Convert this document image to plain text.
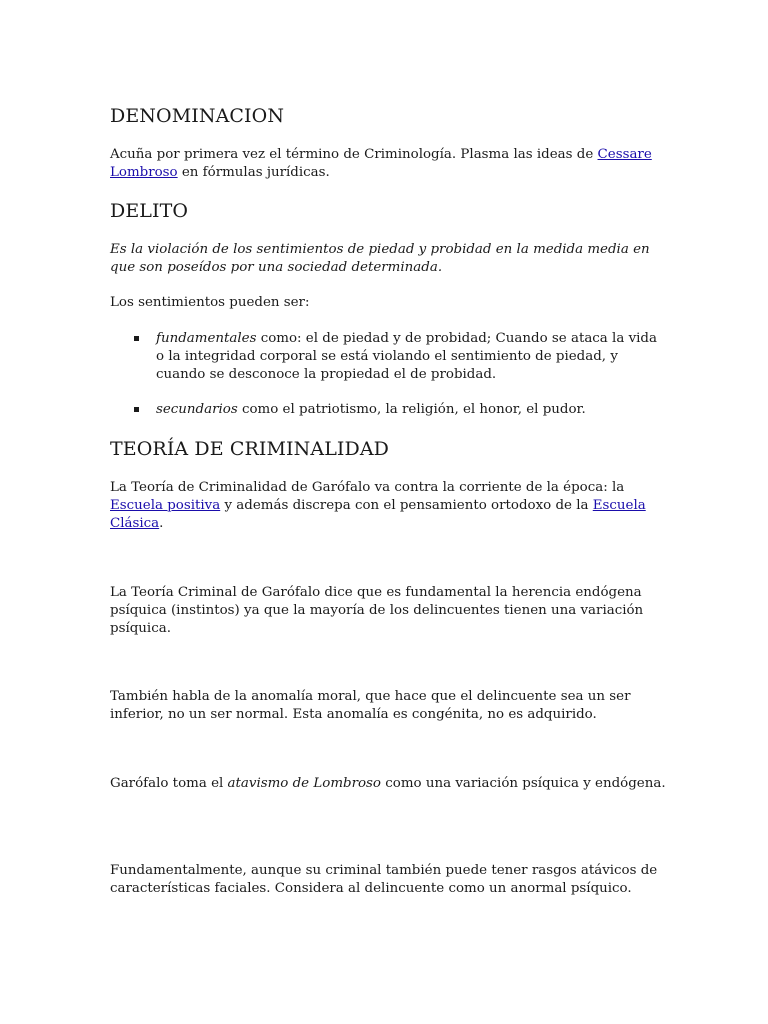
DENOMINACION

Acuña por primera vez el término de Criminología. Plasma las ideas de Cessare Lombroso en fórmulas jurídicas.

DELITO

Es la violación de los sentimientos de piedad y probidad en la medida media en que son poseídos por una sociedad determinada.

Los sentimientos pueden ser:

fundamentales como: el de piedad y de probidad; Cuando se ataca la vida o la integridad corporal se está violando el sentimiento de piedad, y cuando se desconoce la propiedad el de probidad.
secundarios como el patriotismo, la religión, el honor, el pudor.
TEORÍA DE CRIMINALIDAD

La Teoría de Criminalidad de Garófalo va contra la corriente de la época: la Escuela positiva y además discrepa con el pensamiento ortodoxo de la Escuela Clásica.

La Teoría Criminal de Garófalo dice que es fundamental la herencia endógena psíquica (instintos) ya que la mayoría de los delincuentes tienen una variación psíquica.

También habla de la anomalía moral, que hace que el delincuente sea un ser inferior, no un ser normal. Esta anomalía es congénita, no es adquirido.

Garófalo toma el atavismo de Lombroso como una variación psíquica y endógena.

Fundamentalmente, aunque su criminal también puede tener rasgos atávicos de características faciales. Considera al delincuente como un anormal psíquico.
